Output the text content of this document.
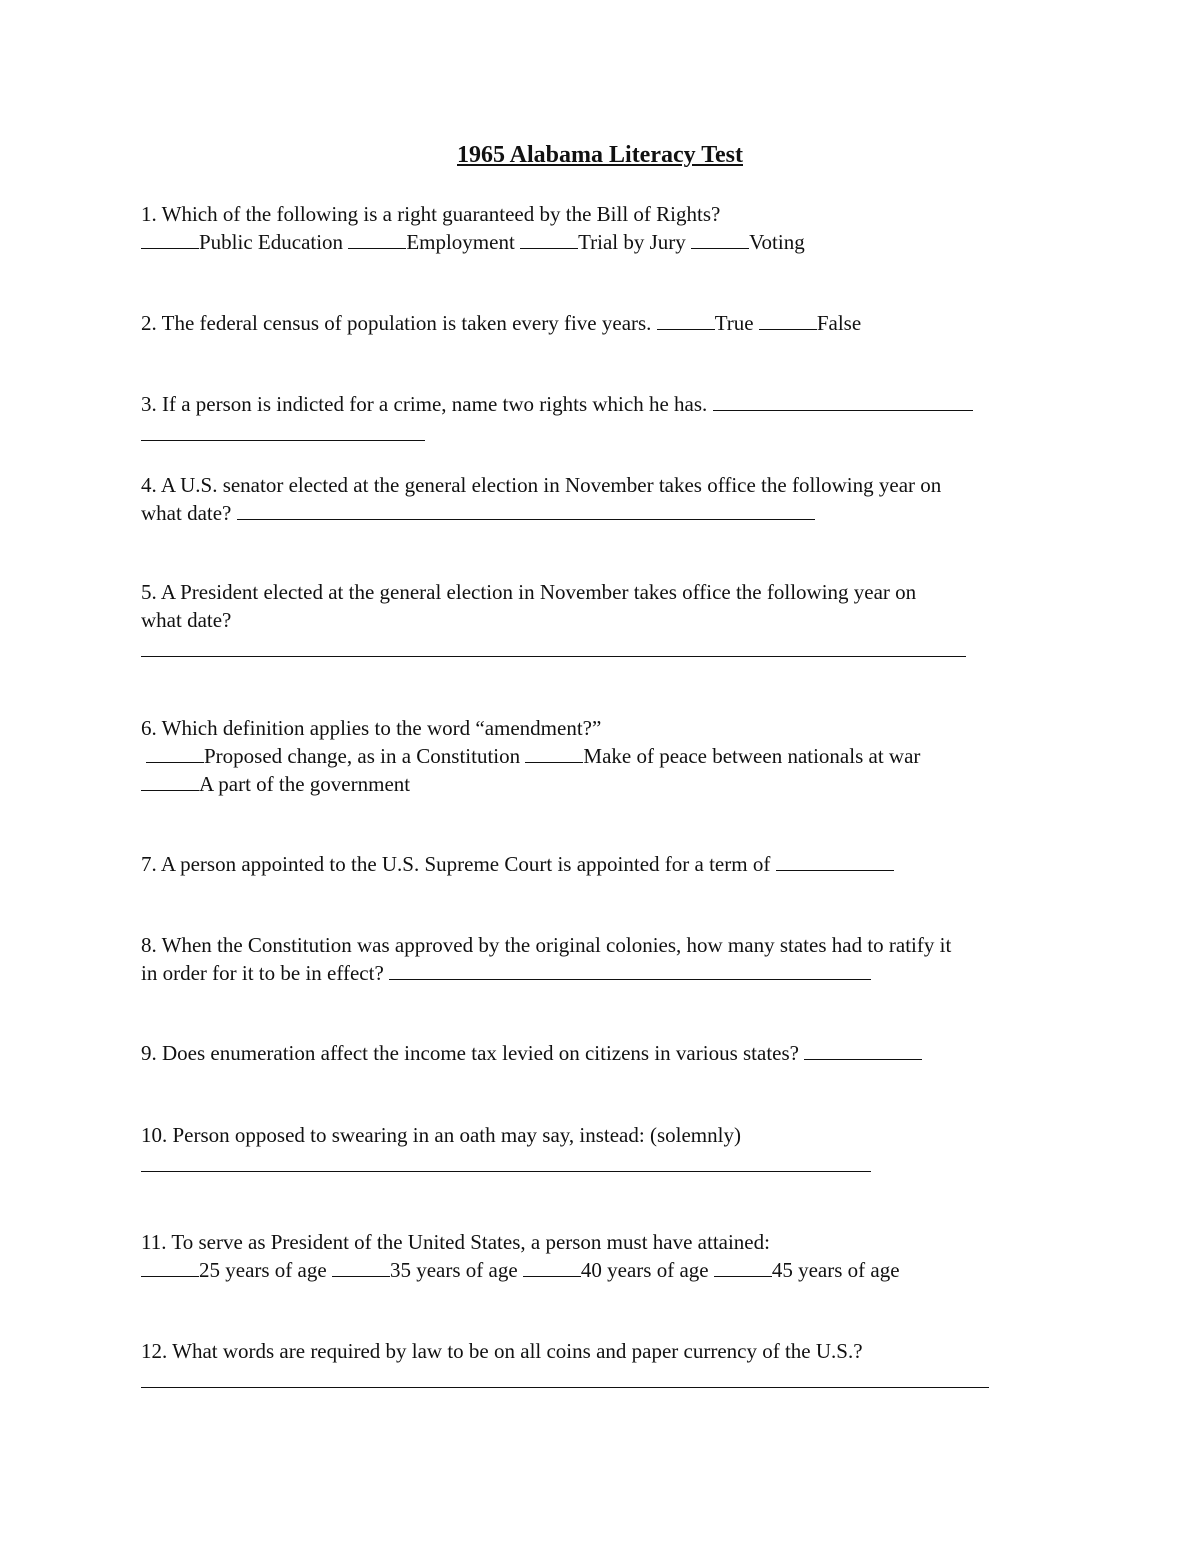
1965 Alabama Literacy Test
1. Which of the following is a right guaranteed by the Bill of Rights?
Public Education	Employment	Trial by Jury	Voting
2. The federal census of population is taken every five years.	True	False
3. If a person is indicted for a crime, name two rights which he has.
4. A U.S. senator elected at the general election in November takes office the following year on
what date?
5. A President elected at the general election in November takes office the following year on
what date?
6. Which definition applies to the word “amendment?”
Proposed change, as in a Constitution	Make of peace between nationals at war
A part of the government
7. A person appointed to the U.S. Supreme Court is appointed for a term of
8. When the Constitution was approved by the original colonies, how many states had to ratify it
in order for it to be in effect?
9. Does enumeration affect the income tax levied on citizens in various states?
10. Person opposed to swearing in an oath may say, instead: (solemnly)
11. To serve as President of the United States, a person must have attained:
25 years of age	35 years of age	40 years of age	45 years of age
12. What words are required by law to be on all coins and paper currency of the U.S.?
